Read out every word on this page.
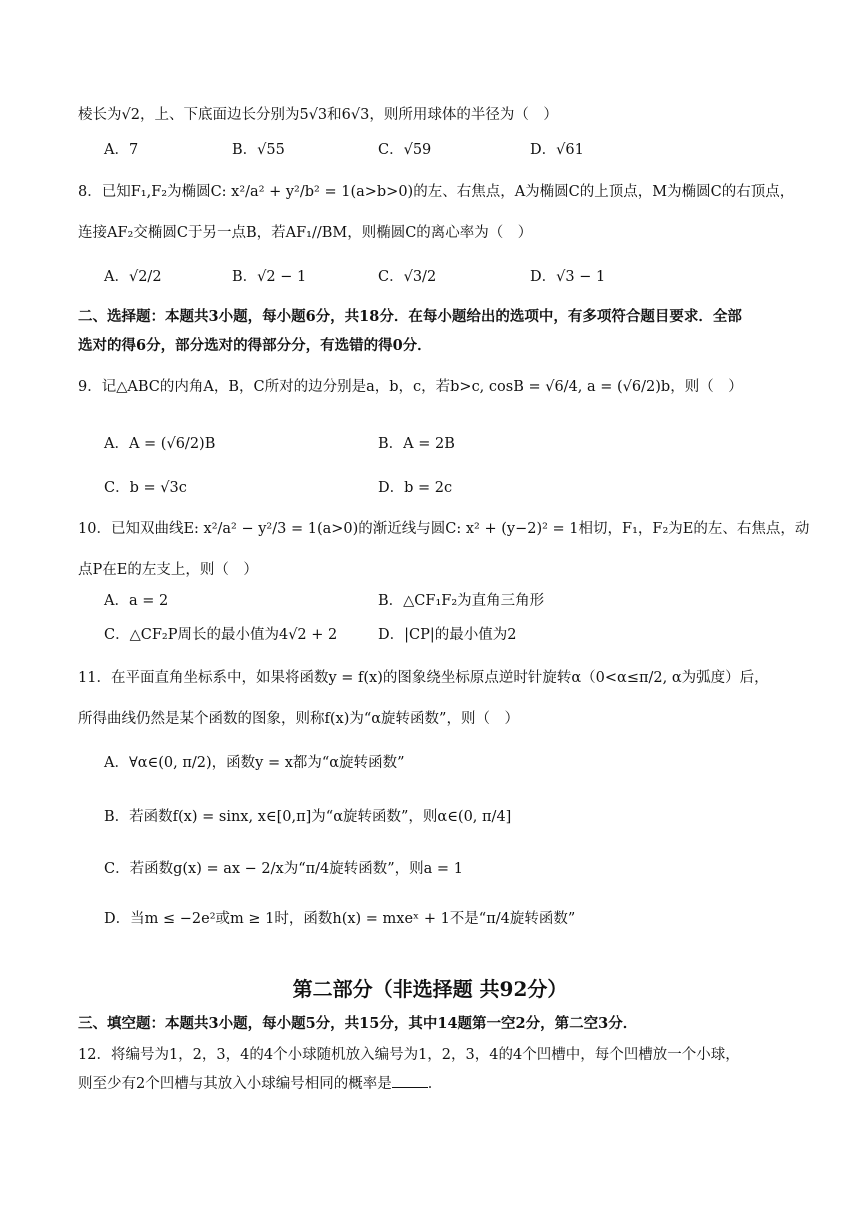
棱长为√2，上、下底面边长分别为5√3和6√3，则所用球体的半径为（　）
A．7	B．√55	C．√59	D．√61
8．已知F₁,F₂为椭圆C: x²/a² + y²/b² = 1(a>b>0)的左、右焦点，A为椭圆C的上顶点，M为椭圆C的右顶点，
连接AF₂交椭圆C于另一点B，若AF₁//BM，则椭圆C的离心率为（　）
A．√2/2	B．√2 − 1	C．√3/2	D．√3 − 1
二、选择题：本题共3小题，每小题6分，共18分．在每小题给出的选项中，有多项符合题目要求．全部
选对的得6分，部分选对的得部分分，有选错的得0分．
9．记△ABC的内角A，B，C所对的边分别是a，b，c，若b>c, cosB = √6/4, a = (√6/2)b，则（　）
A．A = (√6/2)B	B．A = 2B
C．b = √3c	D．b = 2c
10．已知双曲线E: x²/a² − y²/3 = 1(a>0)的渐近线与圆C: x² + (y−2)² = 1相切，F₁，F₂为E的左、右焦点，动
点P在E的左支上，则（　）
A．a = 2	B．△CF₁F₂为直角三角形
C．△CF₂P周长的最小值为4√2 + 2	D．|CP|的最小值为2
11．在平面直角坐标系中，如果将函数y = f(x)的图象绕坐标原点逆时针旋转α（0<α≤π/2, α为弧度）后，
所得曲线仍然是某个函数的图象，则称f(x)为“α旋转函数”，则（　）
A．∀α∈(0, π/2)，函数y = x都为“α旋转函数”
B．若函数f(x) = sinx, x∈[0,π]为“α旋转函数”，则α∈(0, π/4]
C．若函数g(x) = ax − 2/x为“π/4旋转函数”，则a = 1
D．当m ≤ −2e²或m ≥ 1时，函数h(x) = mxeˣ + 1不是“π/4旋转函数”
第二部分（非选择题 共92分）
三、填空题：本题共3小题，每小题5分，共15分，其中14题第一空2分，第二空3分．
12．将编号为1，2，3，4的4个小球随机放入编号为1，2，3，4的4个凹槽中，每个凹槽放一个小球，
则至少有2个凹槽与其放入小球编号相同的概率是 ．
